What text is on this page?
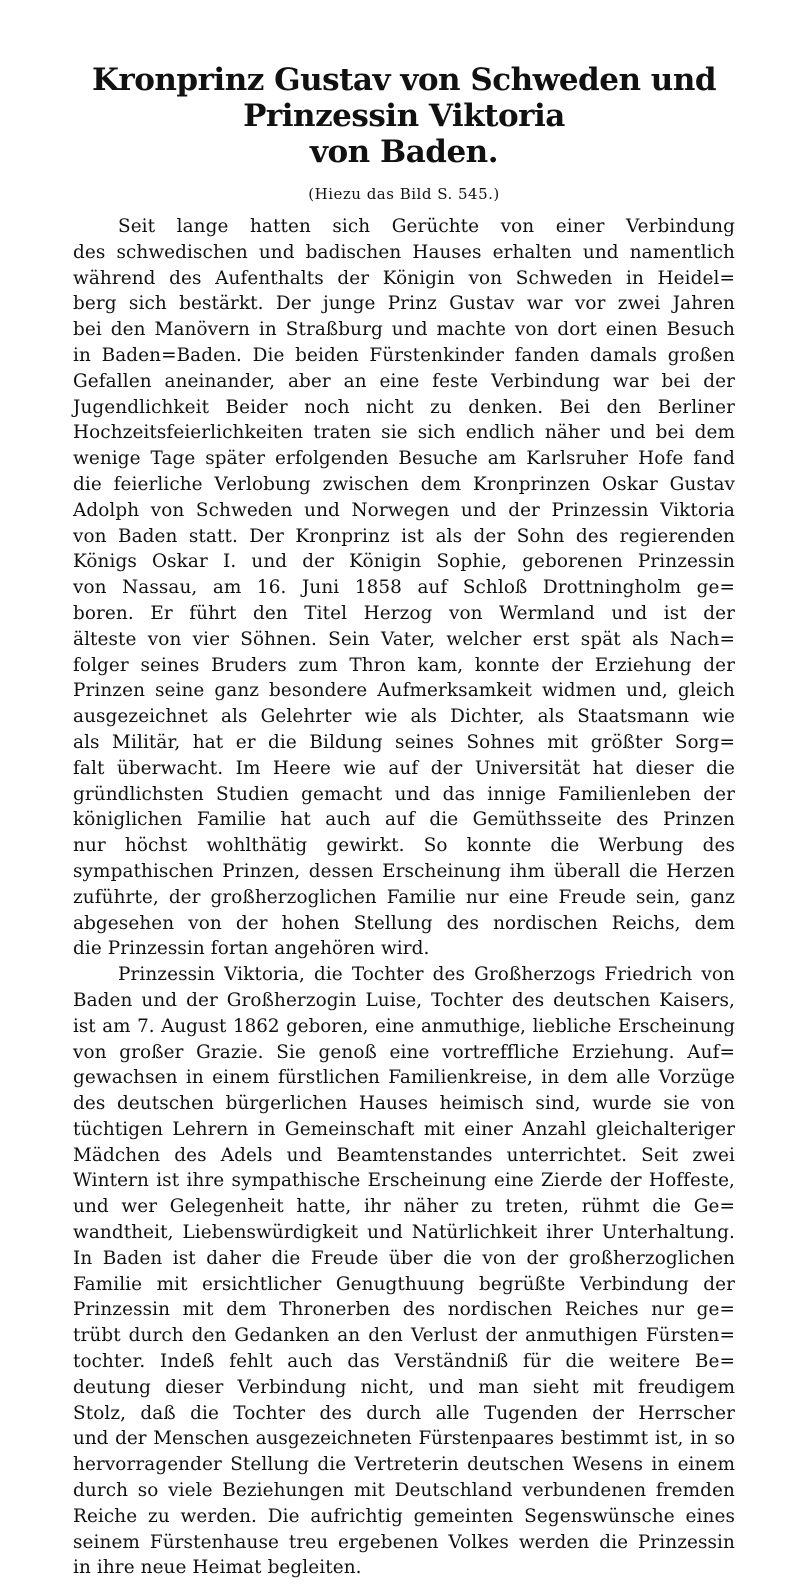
Kronprinz Gustav von Schweden und Prinzessin Viktoria
von Baden.
(Hiezu das Bild S. 545.)
Seit lange hatten sich Gerüchte von einer Verbindung
des schwedischen und badischen Hauses erhalten und namentlich
während des Aufenthalts der Königin von Schweden in Heidel=
berg sich bestärkt. Der junge Prinz Gustav war vor zwei Jahren
bei den Manövern in Straßburg und machte von dort einen Besuch
in Baden=Baden. Die beiden Fürstenkinder fanden damals großen
Gefallen aneinander, aber an eine feste Verbindung war bei der
Jugendlichkeit Beider noch nicht zu denken. Bei den Berliner
Hochzeitsfeierlichkeiten traten sie sich endlich näher und bei dem
wenige Tage später erfolgenden Besuche am Karlsruher Hofe fand
die feierliche Verlobung zwischen dem Kronprinzen Oskar Gustav
Adolph von Schweden und Norwegen und der Prinzessin Viktoria
von Baden statt. Der Kronprinz ist als der Sohn des regierenden
Königs Oskar I. und der Königin Sophie, geborenen Prinzessin
von Nassau, am 16. Juni 1858 auf Schloß Drottningholm ge=
boren. Er führt den Titel Herzog von Wermland und ist der
älteste von vier Söhnen. Sein Vater, welcher erst spät als Nach=
folger seines Bruders zum Thron kam, konnte der Erziehung der
Prinzen seine ganz besondere Aufmerksamkeit widmen und, gleich
ausgezeichnet als Gelehrter wie als Dichter, als Staatsmann wie
als Militär, hat er die Bildung seines Sohnes mit größter Sorg=
falt überwacht. Im Heere wie auf der Universität hat dieser die
gründlichsten Studien gemacht und das innige Familienleben der
königlichen Familie hat auch auf die Gemüthsseite des Prinzen
nur höchst wohlthätig gewirkt. So konnte die Werbung des
sympathischen Prinzen, dessen Erscheinung ihm überall die Herzen
zuführte, der großherzoglichen Familie nur eine Freude sein, ganz
abgesehen von der hohen Stellung des nordischen Reichs, dem
die Prinzessin fortan angehören wird.
Prinzessin Viktoria, die Tochter des Großherzogs Friedrich von
Baden und der Großherzogin Luise, Tochter des deutschen Kaisers,
ist am 7. August 1862 geboren, eine anmuthige, liebliche Erscheinung
von großer Grazie. Sie genoß eine vortreffliche Erziehung. Auf=
gewachsen in einem fürstlichen Familienkreise, in dem alle Vorzüge
des deutschen bürgerlichen Hauses heimisch sind, wurde sie von
tüchtigen Lehrern in Gemeinschaft mit einer Anzahl gleichalteriger
Mädchen des Adels und Beamtenstandes unterrichtet. Seit zwei
Wintern ist ihre sympathische Erscheinung eine Zierde der Hoffeste,
und wer Gelegenheit hatte, ihr näher zu treten, rühmt die Ge=
wandtheit, Liebenswürdigkeit und Natürlichkeit ihrer Unterhaltung.
In Baden ist daher die Freude über die von der großherzoglichen
Familie mit ersichtlicher Genugthuung begrüßte Verbindung der
Prinzessin mit dem Thronerben des nordischen Reiches nur ge=
trübt durch den Gedanken an den Verlust der anmuthigen Fürsten=
tochter. Indeß fehlt auch das Verständniß für die weitere Be=
deutung dieser Verbindung nicht, und man sieht mit freudigem
Stolz, daß die Tochter des durch alle Tugenden der Herrscher
und der Menschen ausgezeichneten Fürstenpaares bestimmt ist, in so
hervorragender Stellung die Vertreterin deutschen Wesens in einem
durch so viele Beziehungen mit Deutschland verbundenen fremden
Reiche zu werden. Die aufrichtig gemeinten Segenswünsche eines
seinem Fürstenhause treu ergebenen Volkes werden die Prinzessin
in ihre neue Heimat begleiten.
